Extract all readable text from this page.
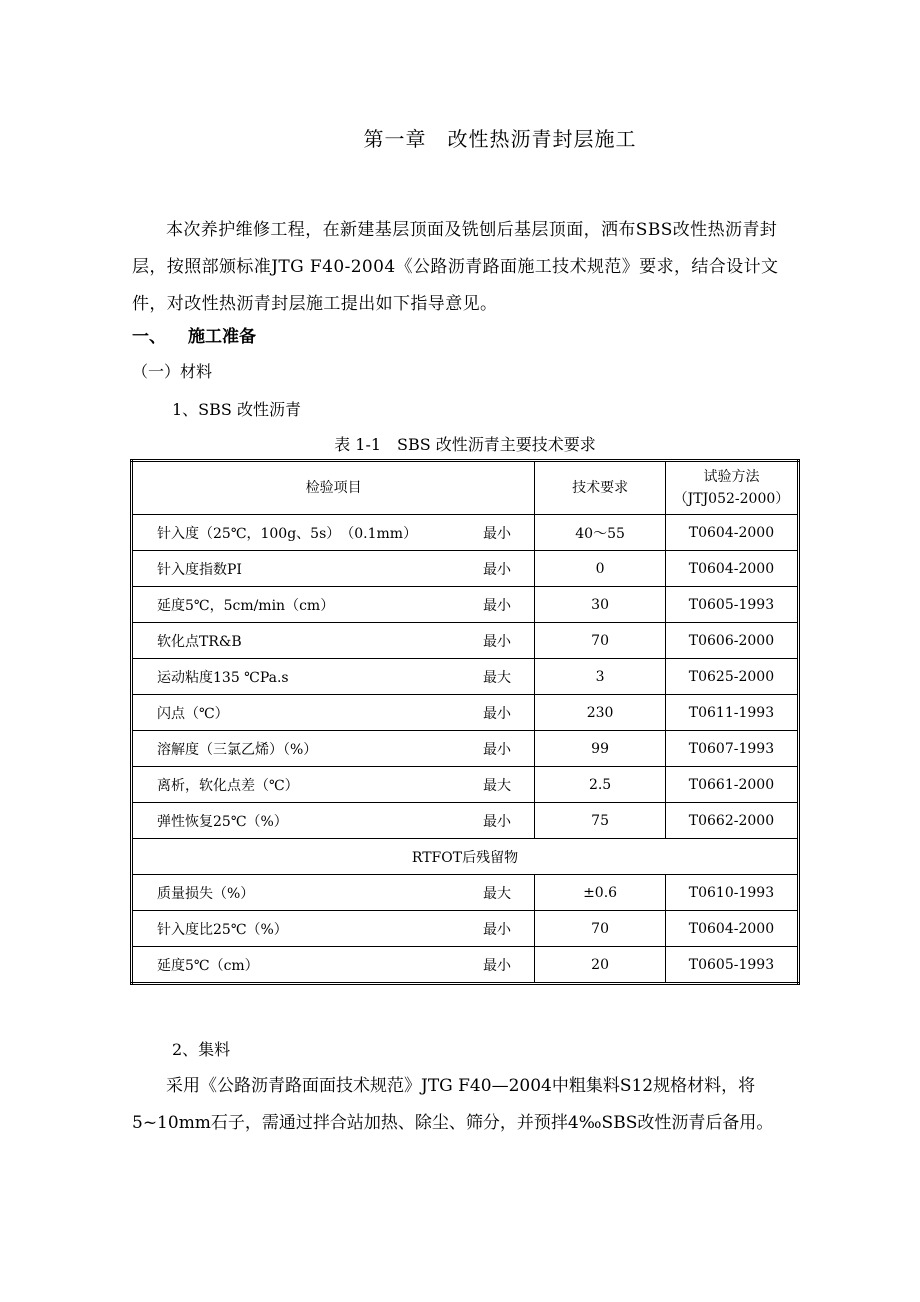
第一章　改性热沥青封层施工
本次养护维修工程，在新建基层顶面及铣刨后基层顶面，洒布SBS改性热沥青封层，按照部颁标准JTG F40-2004《公路沥青路面施工技术规范》要求，结合设计文件，对改性热沥青封层施工提出如下指导意见。
一、 施工准备
（一）材料
1、SBS 改性沥青
表 1-1　SBS 改性沥青主要技术要求
检验项目	技术要求	试验方法
（JTJ052-2000）

针入度（25℃，100g、5s）　（0.1mm） 最小	40～55	T0604-2000
针入度指数PI 最小	0	T0604-2000
延度5℃，5cm/min（cm） 最小	30	T0605-1993
软化点TR&B 最小	70	T0606-2000
运动粘度135 ℃Pa.s 最大	3	T0625-2000
闪点（℃） 最小	230	T0611-1993
溶解度（三氯乙烯）（%） 最小	99	T0607-1993
离析，软化点差（℃） 最大	2.5	T0661-2000
弹性恢复25℃（%） 最小	75	T0662-2000
RTFOT后残留物		
质量损失（%） 最大	±0.6	T0610-1993
针入度比25℃（%） 最小	70	T0604-2000
延度5℃（cm） 最小	20	T0605-1993
2、集料
采用《公路沥青路面面技术规范》JTG F40—2004中粗集料S12规格材料，将5~10mm石子，需通过拌合站加热、除尘、筛分，并预拌4‰SBS改性沥青后备用。
